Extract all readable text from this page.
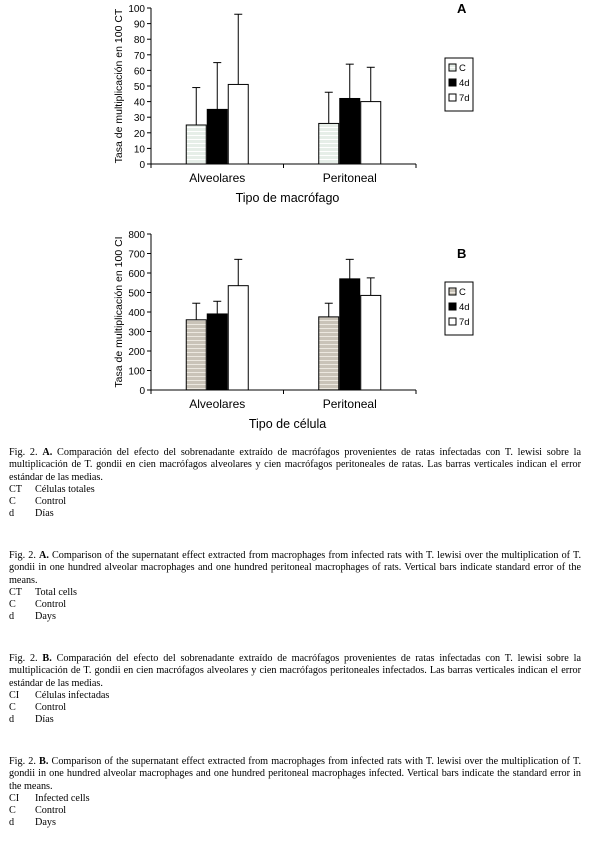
0
10
20
30
40
50
60
70
80
90
100
Alveolares	Peritoneal
Tipo de macrófago
Tasa de multiplicación en 100 CT
A
C
4d
7d
0
100
200
300
400
500
600
700
800
Alveolares	Peritoneal
Tipo de célula
Tasa de multiplicación en 100 CI	B
C
4d
7d

Fig. 2. A. Comparación del efecto del sobrenadante extraído de macrófagos provenientes de ratas infectadas con T. lewisi sobre la multiplicación de T. gondii en cien macrófagos alveolares y cien macrófagos peritoneales de ratas. Las barras verticales indican el error estándar de las medias.

CT	Células totales
C	Control
d	Días

Fig. 2. A. Comparison of the supernatant effect extracted from macrophages from infected rats with T. lewisi over the multiplication of T. gondii in one hundred alveolar macrophages and one hundred peritoneal macrophages of rats. Vertical bars indicate standard error of the means.

CT	Total cells
C	Control
d	Days

Fig. 2. B. Comparación del efecto del sobrenadante extraído de macrófagos provenientes de ratas infectadas con T. lewisi sobre la multiplicación de T. gondii en cien macrófagos alveolares y cien macrófagos peritoneales infectados. Las barras verticales indican el error estándar de las medias.

CI	Células infectadas
C	Control
d	Días

Fig. 2. B. Comparison of the supernatant effect extracted from macrophages from infected rats with T. lewisi over the multiplication of T. gondii in one hundred alveolar macrophages and one hundred peritoneal macrophages infected. Vertical bars indicate the standard error in the means.

CI	Infected cells
C	Control
d	Days
